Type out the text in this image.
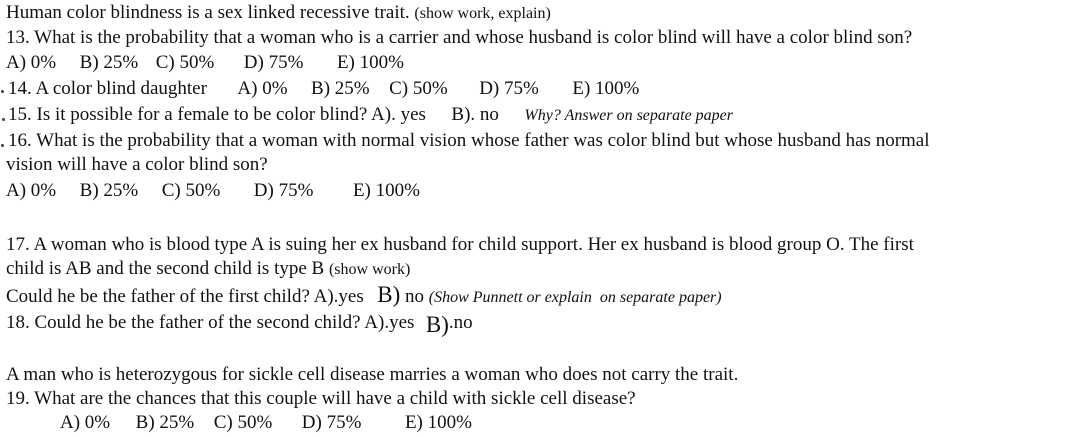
Human color blindness is a sex linked recessive trait. (show work, explain)
13. What is the probability that a woman who is a carrier and whose husband is color blind will have a color blind son?
A) 0% B) 25% C) 50% D) 75% E) 100%
14. A color blind daughter A) 0% B) 25% C) 50% D) 75% E) 100%
15. Is it possible for a female to be color blind? A). yes B). no Why? Answer on separate paper
16. What is the probability that a woman with normal vision whose father was color blind but whose husband has normal
vision will have a color blind son?
A) 0% B) 25% C) 50% D) 75% E) 100%
17. A woman who is blood type A is suing her ex husband for child support. Her ex husband is blood group O. The first
child is AB and the second child is type B (show work)
Could he be the father of the first child? A).yes B) no (Show Punnett or explain  on separate paper)
18. Could he be the father of the second child? A).yes B).no
A man who is heterozygous for sickle cell disease marries a woman who does not carry the trait.
19. What are the chances that this couple will have a child with sickle cell disease?
A) 0% B) 25% C) 50% D) 75% E) 100%
